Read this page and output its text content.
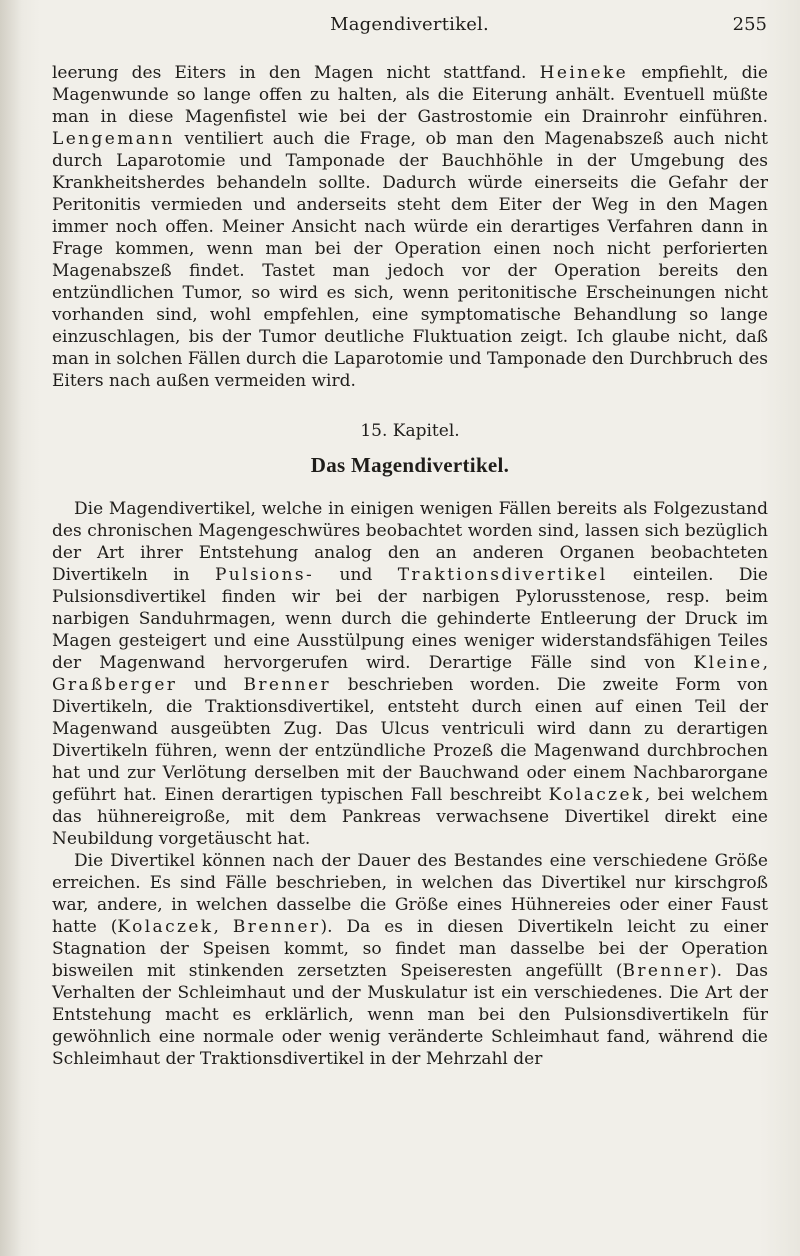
Magendivertikel.	255

leerung des Eiters in den Magen nicht stattfand. Heineke empfiehlt, die Magenwunde so lange offen zu halten, als die Eiterung anhält. Eventuell müßte man in diese Magenfistel wie bei der Gastrostomie ein Drainrohr einführen. Lengemann ventiliert auch die Frage, ob man den Magenabszeß auch nicht durch Laparotomie und Tamponade der Bauchhöhle in der Umgebung des Krankheitsherdes behandeln sollte. Dadurch würde einerseits die Gefahr der Peritonitis vermieden und anderseits steht dem Eiter der Weg in den Magen immer noch offen. Meiner Ansicht nach würde ein derartiges Verfahren dann in Frage kommen, wenn man bei der Operation einen noch nicht perforierten Magenabszeß findet. Tastet man jedoch vor der Operation bereits den entzündlichen Tumor, so wird es sich, wenn peritonitische Erscheinungen nicht vorhanden sind, wohl empfehlen, eine symptomatische Behandlung so lange einzuschlagen, bis der Tumor deutliche Fluktuation zeigt. Ich glaube nicht, daß man in solchen Fällen durch die Laparotomie und Tamponade den Durchbruch des Eiters nach außen vermeiden wird.

15. Kapitel.

Das Magendivertikel.

Die Magendivertikel, welche in einigen wenigen Fällen bereits als Folgezustand des chronischen Magengeschwüres beobachtet worden sind, lassen sich bezüglich der Art ihrer Entstehung analog den an anderen Organen beobachteten Divertikeln in Pulsions- und Traktionsdivertikel einteilen. Die Pulsionsdivertikel finden wir bei der narbigen Pylorusstenose, resp. beim narbigen Sanduhrmagen, wenn durch die gehinderte Entleerung der Druck im Magen gesteigert und eine Ausstülpung eines weniger widerstandsfähigen Teiles der Magenwand hervorgerufen wird. Derartige Fälle sind von Kleine, Graßberger und Brenner beschrieben worden. Die zweite Form von Divertikeln, die Traktionsdivertikel, entsteht durch einen auf einen Teil der Magenwand ausgeübten Zug. Das Ulcus ventriculi wird dann zu derartigen Divertikeln führen, wenn der entzündliche Prozeß die Magenwand durchbrochen hat und zur Verlötung derselben mit der Bauchwand oder einem Nachbarorgane geführt hat. Einen derartigen typischen Fall beschreibt Kolaczek, bei welchem das hühnereigroße, mit dem Pankreas verwachsene Divertikel direkt eine Neubildung vorgetäuscht hat.

Die Divertikel können nach der Dauer des Bestandes eine verschiedene Größe erreichen. Es sind Fälle beschrieben, in welchen das Divertikel nur kirschgroß war, andere, in welchen dasselbe die Größe eines Hühnereies oder einer Faust hatte (Kolaczek, Brenner). Da es in diesen Divertikeln leicht zu einer Stagnation der Speisen kommt, so findet man dasselbe bei der Operation bisweilen mit stinkenden zersetzten Speiseresten angefüllt (Brenner). Das Verhalten der Schleimhaut und der Muskulatur ist ein verschiedenes. Die Art der Entstehung macht es erklärlich, wenn man bei den Pulsionsdivertikeln für gewöhnlich eine normale oder wenig veränderte Schleimhaut fand, während die Schleimhaut der Traktionsdivertikel in der Mehrzahl der
